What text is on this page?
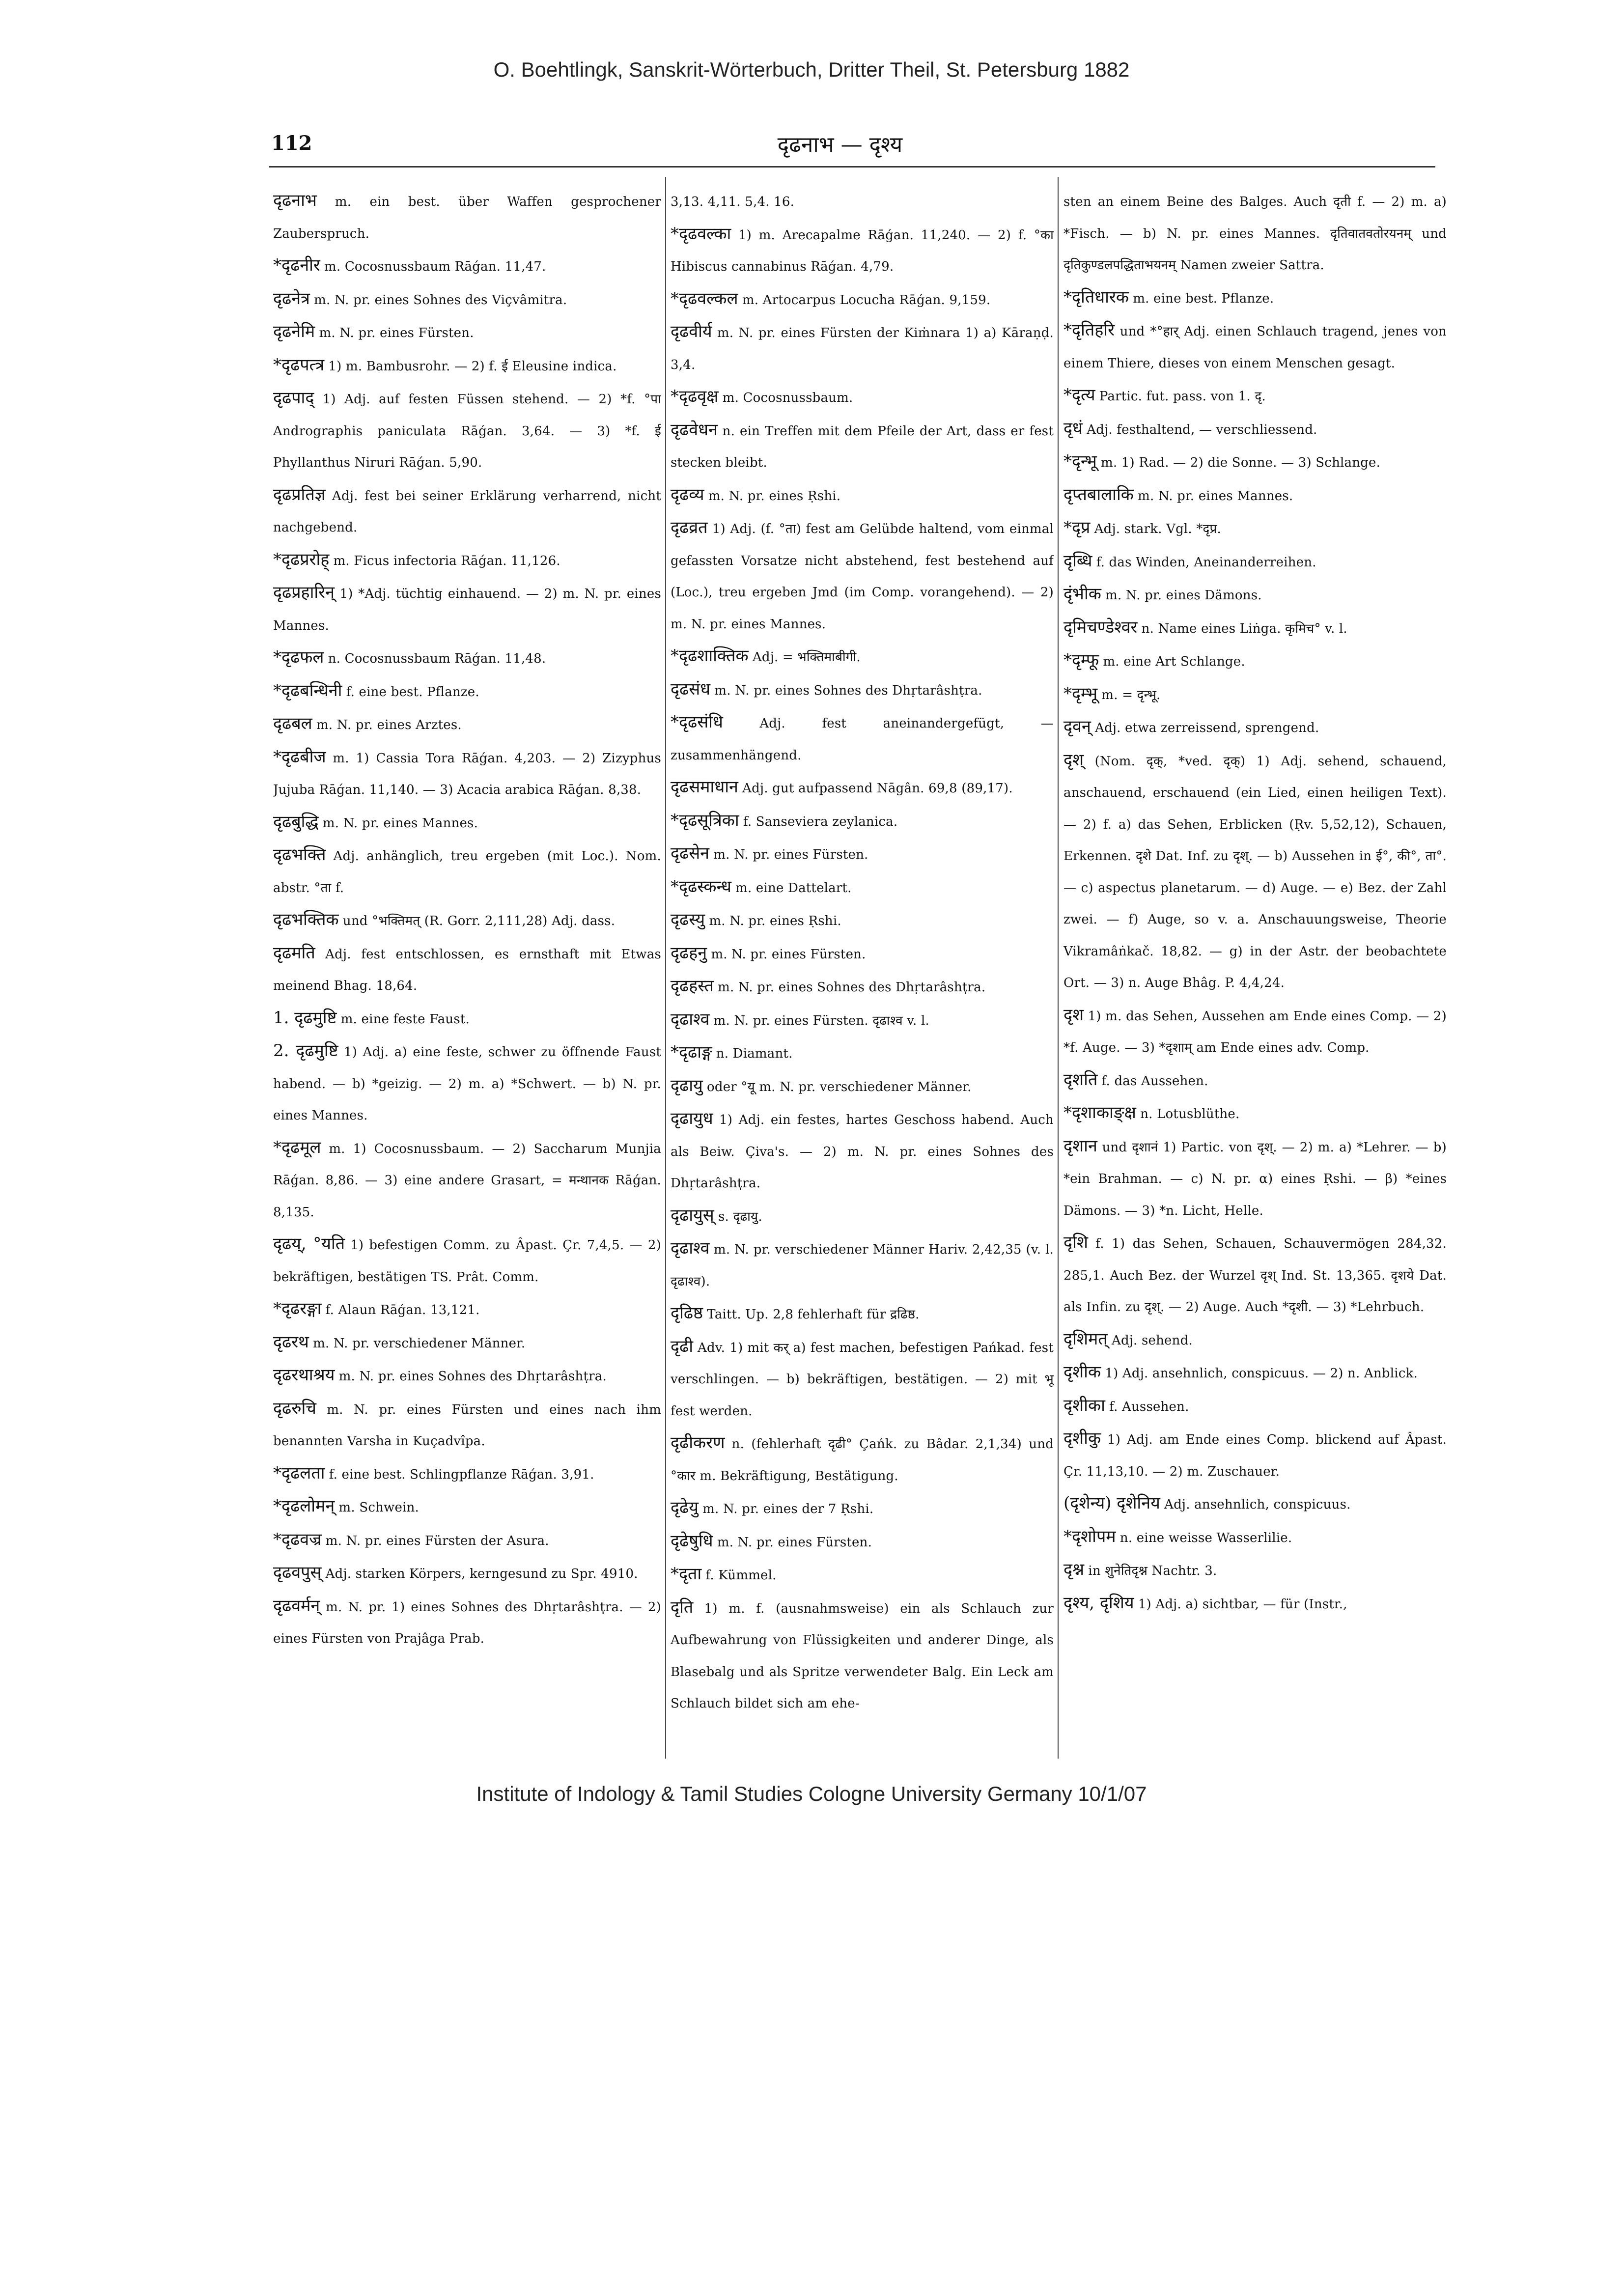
O. Boehtlingk, Sanskrit-Wörterbuch, Dritter Theil, St. Petersburg 1882
112	दृढनाभ — दृश्य

दृढनाभ m. ein best. über Waffen gesprochener Zauberspruch.

*दृढनीर m. Cocosnussbaum Rāǵan. 11,47.

दृढनेत्र m. N. pr. eines Sohnes des Viçvâmitra.

दृढनेमि m. N. pr. eines Fürsten.

*दृढपत्त्र 1) m. Bambusrohr. — 2) f. ई Eleusine indica.

दृढपाद् 1) Adj. auf festen Füssen stehend. — 2) *f. °पा Andrographis paniculata Rāǵan. 3,64. — 3) *f. ई Phyllanthus Niruri Rāǵan. 5,90.

दृढप्रतिज्ञ Adj. fest bei seiner Erklärung verharrend, nicht nachgebend.

*दृढप्ररोह् m. Ficus infectoria Rāǵan. 11,126.

दृढप्रहारिन् 1) *Adj. tüchtig einhauend. — 2) m. N. pr. eines Mannes.

*दृढफल n. Cocosnussbaum Rāǵan. 11,48.

*दृढबन्धिनी f. eine best. Pflanze.

दृढबल m. N. pr. eines Arztes.

*दृढबीज m. 1) Cassia Tora Rāǵan. 4,203. — 2) Zizyphus Jujuba Rāǵan. 11,140. — 3) Acacia arabica Rāǵan. 8,38.

दृढबुद्धि m. N. pr. eines Mannes.

दृढभक्ति Adj. anhänglich, treu ergeben (mit Loc.). Nom. abstr. °ता f.

दृढभक्तिक und °भक्तिमत् (R. Gorr. 2,111,28) Adj. dass.

दृढमति Adj. fest entschlossen, es ernsthaft mit Etwas meinend Bhag. 18,64.

1. दृढमुष्टि m. eine feste Faust.

2. दृढमुष्टि 1) Adj. a) eine feste, schwer zu öffnende Faust habend. — b) *geizig. — 2) m. a) *Schwert. — b) N. pr. eines Mannes.

*दृढमूल m. 1) Cocosnussbaum. — 2) Saccharum Munjia Rāǵan. 8,86. — 3) eine andere Grasart, = मन्थानक Rāǵan. 8,135.

दृढय्, °यति 1) befestigen Comm. zu Âpast. Çr. 7,4,5. — 2) bekräftigen, bestätigen TS. Prât. Comm.

*दृढरङ्गा f. Alaun Rāǵan. 13,121.

दृढरथ m. N. pr. verschiedener Männer.

दृढरथाश्रय m. N. pr. eines Sohnes des Dhṛtarâshṭra.

दृढरुचि m. N. pr. eines Fürsten und eines nach ihm benannten Varsha in Kuçadvîpa.

*दृढलता f. eine best. Schlingpflanze Rāǵan. 3,91.

*दृढलोमन् m. Schwein.

*दृढवज्र m. N. pr. eines Fürsten der Asura.

दृढवपुस् Adj. starken Körpers, kerngesund zu Spr. 4910.

दृढवर्मन् m. N. pr. 1) eines Sohnes des Dhṛtarâshṭra. — 2) eines Fürsten von Prajâga Prab.

3,13. 4,11. 5,4. 16.

*दृढवल्का 1) m. Arecapalme Rāǵan. 11,240. — 2) f. °का Hibiscus cannabinus Rāǵan. 4,79.

*दृढवल्कल m. Artocarpus Locucha Rāǵan. 9,159.

दृढवीर्य m. N. pr. eines Fürsten der Kiṁnara 1) a) Kāraṇḍ. 3,4.

*दृढवृक्ष m. Cocosnussbaum.

दृढवेधन n. ein Treffen mit dem Pfeile der Art, dass er fest stecken bleibt.

दृढव्य m. N. pr. eines Ṛshi.

दृढव्रत 1) Adj. (f. °ता) fest am Gelübde haltend, vom einmal gefassten Vorsatze nicht abstehend, fest bestehend auf (Loc.), treu ergeben Jmd (im Comp. vorangehend). — 2) m. N. pr. eines Mannes.

*दृढशाक्तिक Adj. = भक्तिमाबीगी.

दृढसंध m. N. pr. eines Sohnes des Dhṛtarâshṭra.

*दृढसंधि	Adj. fest aneinandergefügt, — zusammenhängend.

दृढसमाधान Adj. gut aufpassend Nāgân. 69,8 (89,17).

*दृढसूत्रिका f. Sanseviera zeylanica.

दृढसेन m. N. pr. eines Fürsten.

*दृढस्कन्ध m. eine Dattelart.

दृढस्यु m. N. pr. eines Ṛshi.

दृढहनु m. N. pr. eines Fürsten.

दृढहस्त m. N. pr. eines Sohnes des Dhṛtarâshṭra.

दृढाश्व m. N. pr. eines Fürsten. दृढाश्व v. l.

*दृढाङ्ग n. Diamant.

दृढायु oder °यू m. N. pr. verschiedener Männer.

दृढायुध 1) Adj. ein festes, hartes Geschoss habend. Auch als Beiw. Çiva's. — 2) m. N. pr. eines Sohnes des Dhṛtarâshṭra.

दृढायुस् s. दृढायु.

दृढाश्व m. N. pr. verschiedener Männer Hariv. 2,42,35 (v. l. दृढाश्व).

दृढिष्ठ Taitt. Up. 2,8 fehlerhaft für द्रढिष्ठ.

दृढी Adv. 1) mit कर् a) fest machen, befestigen Pańkad. fest verschlingen. — b) bekräftigen, bestätigen. — 2) mit भू fest werden.

दृढीकरण n. (fehlerhaft दृढी° Çańk. zu Bâdar. 2,1,34) und °कार m. Bekräftigung, Bestätigung.

दृढेयु m. N. pr. eines der 7 Ṛshi.

दृढेषुधि m. N. pr. eines Fürsten.

*दृता f. Kümmel.

दृति 1) m. f. (ausnahmsweise) ein als Schlauch zur Aufbewahrung von Flüssigkeiten und anderer Dinge, als Blasebalg und als Spritze verwendeter Balg. Ein Leck am Schlauch bildet sich am ehe-

sten an einem Beine des Balges. Auch दृती f. — 2) m. a) *Fisch. — b) N. pr. eines Mannes. दृतिवातवतोरयनम् und दृतिकुण्डलपद्धिताभयनम् Namen zweier Sattra.

*दृतिधारक m. eine best. Pflanze.

*दृतिहरि und *°हार् Adj. einen Schlauch tragend, jenes von einem Thiere, dieses von einem Menschen gesagt.

*दृत्य Partic. fut. pass. von 1. दृ.

दृधं Adj. festhaltend, — verschliessend.

*दृन्भू m. 1) Rad. — 2) die Sonne. — 3) Schlange.

दृप्तबालाकि m. N. pr. eines Mannes.

*दृप्र Adj. stark. Vgl. *दृप्र.

दृब्धि f. das Winden, Aneinanderreihen.

दृंभीक m. N. pr. eines Dämons.

दृमिचण्डेश्वर n. Name eines Liṅga. कृमिच° v. l.

*दृम्फू m. eine Art Schlange.

*दृम्भू m. = दृन्भू.

दृवन् Adj. etwa zerreissend, sprengend.

दृश् (Nom. दृक्, *ved. दृक्) 1) Adj. sehend, schauend, anschauend, erschauend (ein Lied, einen heiligen Text). — 2) f. a) das Sehen, Erblicken (Ṛv. 5,52,12), Schauen, Erkennen. दृशे Dat. Inf. zu दृश्. — b) Aussehen in ई°, की°, ता°. — c) aspectus planetarum. — d) Auge. — e) Bez. der Zahl zwei. — f) Auge, so v. a. Anschauungsweise, Theorie Vikramâṅkač. 18,82. — g) in der Astr. der beobachtete Ort. — 3) n. Auge Bhâg. P. 4,4,24.

दृश 1) m. das Sehen, Aussehen am Ende eines Comp. — 2) *f. Auge. — 3) *दृशाम् am Ende eines adv. Comp.

दृशति f. das Aussehen.

*दृशाकाङ्क्ष n. Lotusblüthe.

दृशान und दृशानं 1) Partic. von दृश्. — 2) m. a) *Lehrer. — b) *ein Brahman. — c) N. pr. α) eines Ṛshi. — β) *eines Dämons. — 3) *n. Licht, Helle.

दृशि f. 1) das Sehen, Schauen, Schauvermögen 284,32. 285,1. Auch Bez. der Wurzel दृश् Ind. St. 13,365. दृशये Dat. als Infin. zu दृश्. — 2) Auge. Auch *दृशी. — 3) *Lehrbuch.

दृशिमत् Adj. sehend.

दृशीक 1) Adj. ansehnlich, conspicuus. — 2) n. Anblick.

दृशीका f. Aussehen.

दृशीकु 1) Adj. am Ende eines Comp. blickend auf Âpast. Çr. 11,13,10. — 2) m. Zuschauer.

(दृशेन्य) दृशेनिय Adj. ansehnlich, conspicuus.

*दृशोपम n. eine weisse Wasserlilie.

दृश्न in शुनेतिदृश्न Nachtr. 3.

दृश्य, दृशिय 1) Adj. a) sichtbar, — für (Instr.,

Institute of Indology & Tamil Studies Cologne University Germany 10/1/07
